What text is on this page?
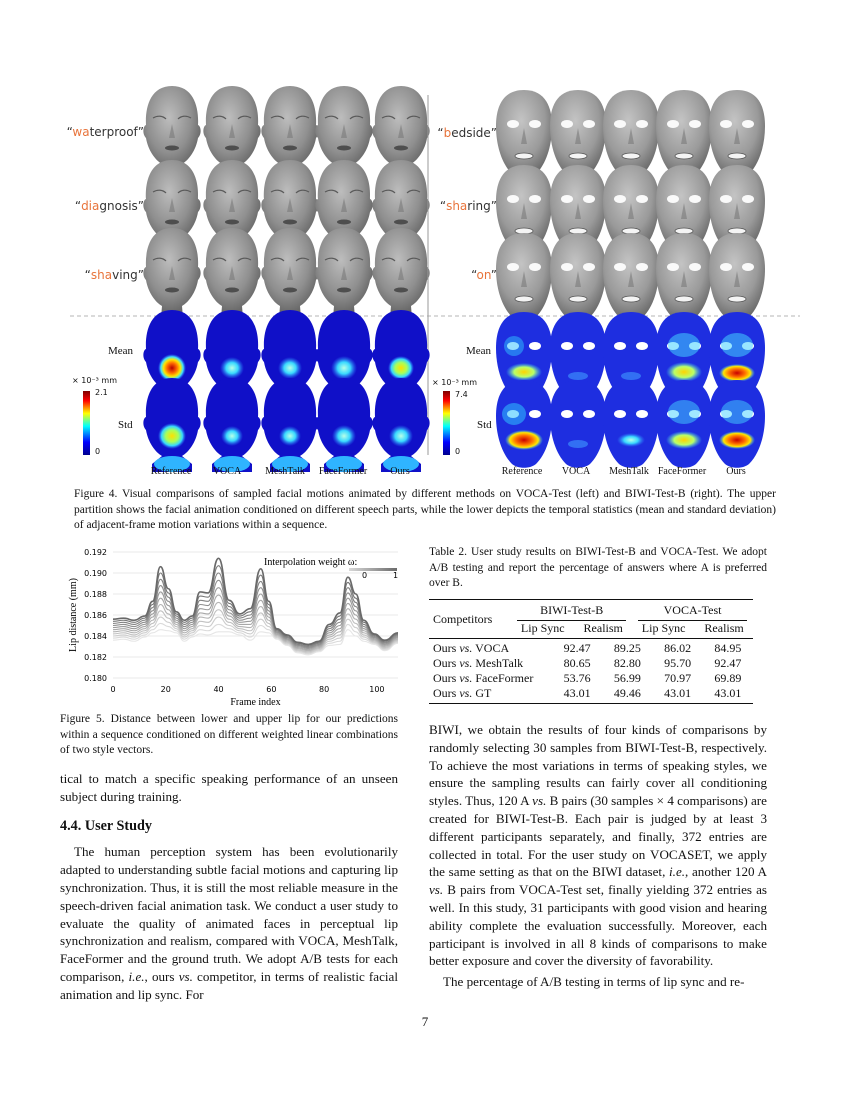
“waterproof”
“diagnosis”
“shaving”
“bedside”
“sharing”
“on”
Mean
Std
Mean
Std
× 10⁻³ mm
2.1
0
× 10⁻³ mm
7.4
0
Reference	VOCA	MeshTalk	FaceFormer	Ours	Reference	VOCA	MeshTalk FaceFormer	Ours
Figure 4. Visual comparisons of sampled facial motions animated by different methods on VOCA-Test (left) and BIWI-Test-B (right). The upper partition shows the facial animation conditioned on different speech parts, while the lower depicts the temporal statistics (mean and standard deviation) of adjacent-frame motion variations within a sequence.
0.180
0.182
0.184
0.186
0.188
0.190
0.192
0	20	40	60	80	100
Frame index
Lip distance (mm)
Interpolation weight ω:
0	1
Figure 5. Distance between lower and upper lip for our predictions within a sequence conditioned on different weighted linear combinations of two style vectors.
Table 2. User study results on BIWI-Test-B and VOCA-Test. We adopt A/B testing and report the percentage of answers where A is preferred over B.
Competitors	BIWI-Test-B		VOCA-Test	

	Lip Sync	Realism	Lip Sync	Realism
Ours vs. VOCA	92.47	89.25	86.02	84.95
Ours vs. MeshTalk	80.65	82.80	95.70	92.47
Ours vs. FaceFormer	53.76	56.99	70.97	69.89
Ours vs. GT	43.01	49.46	43.01	43.01

tical to match a specific speaking performance of an unseen subject during training.

4.4. User Study

The human perception system has been evolutionarily adapted to understanding subtle facial motions and capturing lip synchronization. Thus, it is still the most reliable measure in the speech-driven facial animation task. We conduct a user study to evaluate the quality of animated faces in perceptual lip synchronization and realism, compared with VOCA, MeshTalk, FaceFormer and the ground truth. We adopt A/B tests for each comparison, i.e., ours vs. competitor, in terms of realistic facial animation and lip sync. For

BIWI, we obtain the results of four kinds of comparisons by randomly selecting 30 samples from BIWI-Test-B, respectively. To achieve the most variations in terms of speaking styles, we ensure the sampling results can fairly cover all conditioning styles. Thus, 120 A vs. B pairs (30 samples × 4 comparisons) are created for BIWI-Test-B. Each pair is judged by at least 3 different participants separately, and finally, 372 entries are collected in total. For the user study on VOCASET, we apply the same setting as that on the BIWI dataset, i.e., another 120 A vs. B pairs from VOCA-Test set, finally yielding 372 entries as well. In this study, 31 participants with good vision and hearing ability complete the evaluation successfully. Moreover, each participant is involved in all 8 kinds of comparisons to make better exposure and cover the diversity of favorability.

The percentage of A/B testing in terms of lip sync and re-

7
